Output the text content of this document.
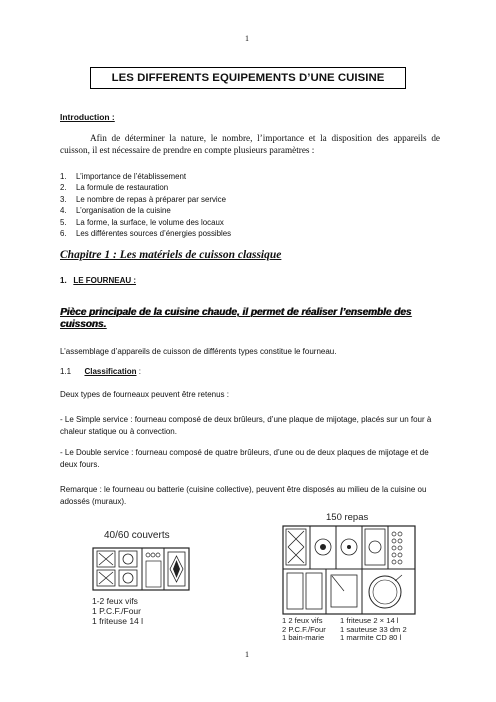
1
LES DIFFERENTS EQUIPEMENTS D’UNE CUISINE
Introduction :

Afin de déterminer la nature, le nombre, l’importance et la disposition des appareils de cuisson, il est nécessaire de prendre en compte plusieurs paramètres :

1. L’importance de l’établissement
2. La formule de restauration
3. Le nombre de repas à préparer par service
4. L’organisation de la cuisine
5. La forme, la surface, le volume des locaux
6. Les différentes sources d’énergies possibles
Chapitre 1 : Les matériels de cuisson classique
1. LE FOURNEAU :

Pièce principale de la cuisine chaude, il permet de réaliser l’ensemble des cuissons.

L’assemblage d’appareils de cuisson de différents types constitue le fourneau.

1.1 Classification :

Deux types de fourneaux peuvent être retenus :

- Le Simple service : fourneau composé de deux brûleurs, d’une plaque de mijotage, placés sur un four à chaleur statique ou à convection.

- Le Double service : fourneau composé de quatre brûleurs, d’une ou de deux plaques de mijotage et de deux fours.

Remarque : le fourneau ou batterie (cuisine collective), peuvent être disposés au milieu de la cuisine ou adossés (muraux).

40/60 couverts
1-2 feux vifs
1 P.C.F./Four
1 friteuse 14 l
150 repas
1 2 feux vifs
2 P.C.F./Four
1 bain-marie
1 friteuse 2 × 14 l
1 sauteuse 33 dm 2
1 marmite CD 80 l
1
